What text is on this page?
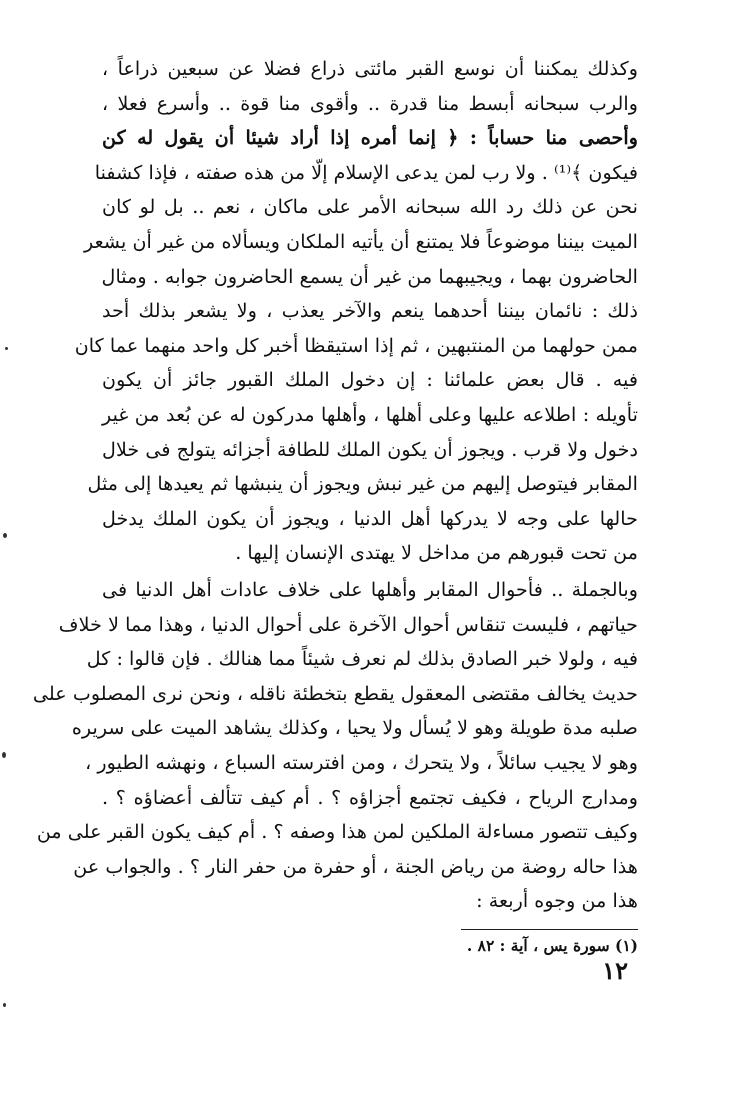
وكذلك يمكننا أن نوسع القبر مائتى ذراع فضلا عن سبعين ذراعاً ،
والرب سبحانه أبسط منا قدرة .. وأقوى منا قوة .. وأسرع فعلا ،
وأحصى منا حساباً : ﴿ إنما أمره إذا أراد شيئا أن يقول له كن
فيكون ﴾⁽¹⁾ . ولا رب لمن يدعى الإسلام إلّا من هذه صفته ، فإذا كشفنا
نحن عن ذلك رد الله سبحانه الأمر على ماكان ، نعم .. بل لو كان
الميت بيننا موضوعاً فلا يمتنع أن يأتيه الملكان ويسألاه من غير أن يشعر
الحاضرون بهما ، ويجيبهما من غير أن يسمع الحاضرون جوابه . ومثال
ذلك : نائمان بيننا أحدهما ينعم والآخر يعذب ، ولا يشعر بذلك أحد
ممن حولهما من المنتبهين ، ثم إذا استيقظا أخبر كل واحد منهما عما كان
فيه . قال بعض علمائنا : إن دخول الملك القبور جائز أن يكون
تأويله : اطلاعه عليها وعلى أهلها ، وأهلها مدركون له عن بُعد من غير
دخول ولا قرب . ويجوز أن يكون الملك للطافة أجزائه يتولج فى خلال
المقابر فيتوصل إليهم من غير نبش ويجوز أن ينبشها ثم يعيدها إلى مثل
حالها على وجه لا يدركها أهل الدنيا ، ويجوز أن يكون الملك يدخل
من تحت قبورهم من مداخل لا يهتدى الإنسان إليها .
وبالجملة .. فأحوال المقابر وأهلها على خلاف عادات أهل الدنيا فى
حياتهم ، فليست تنقاس أحوال الآخرة على أحوال الدنيا ، وهذا مما لا خلاف
فيه ، ولولا خبر الصادق بذلك لم نعرف شيئاً مما هنالك . فإن قالوا : كل
حديث يخالف مقتضى المعقول يقطع بتخطئة ناقله ، ونحن نرى المصلوب على
صلبه مدة طويلة وهو لا يُسأل ولا يحيا ، وكذلك يشاهد الميت على سريره
وهو لا يجيب سائلاً ، ولا يتحرك ، ومن افترسته السباع ، ونهشه الطيور ،
ومدارج الرياح ، فكيف تجتمع أجزاؤه ؟ . أم كيف تتألف أعضاؤه ؟ .
وكيف تتصور مساءلة الملكين لمن هذا وصفه ؟ . أم كيف يكون القبر على من
هذا حاله روضة من رياض الجنة ، أو حفرة من حفر النار ؟ . والجواب عن
هذا من وجوه أربعة :
(١) سورة يس ، آية : ٨٢ .
١٢
